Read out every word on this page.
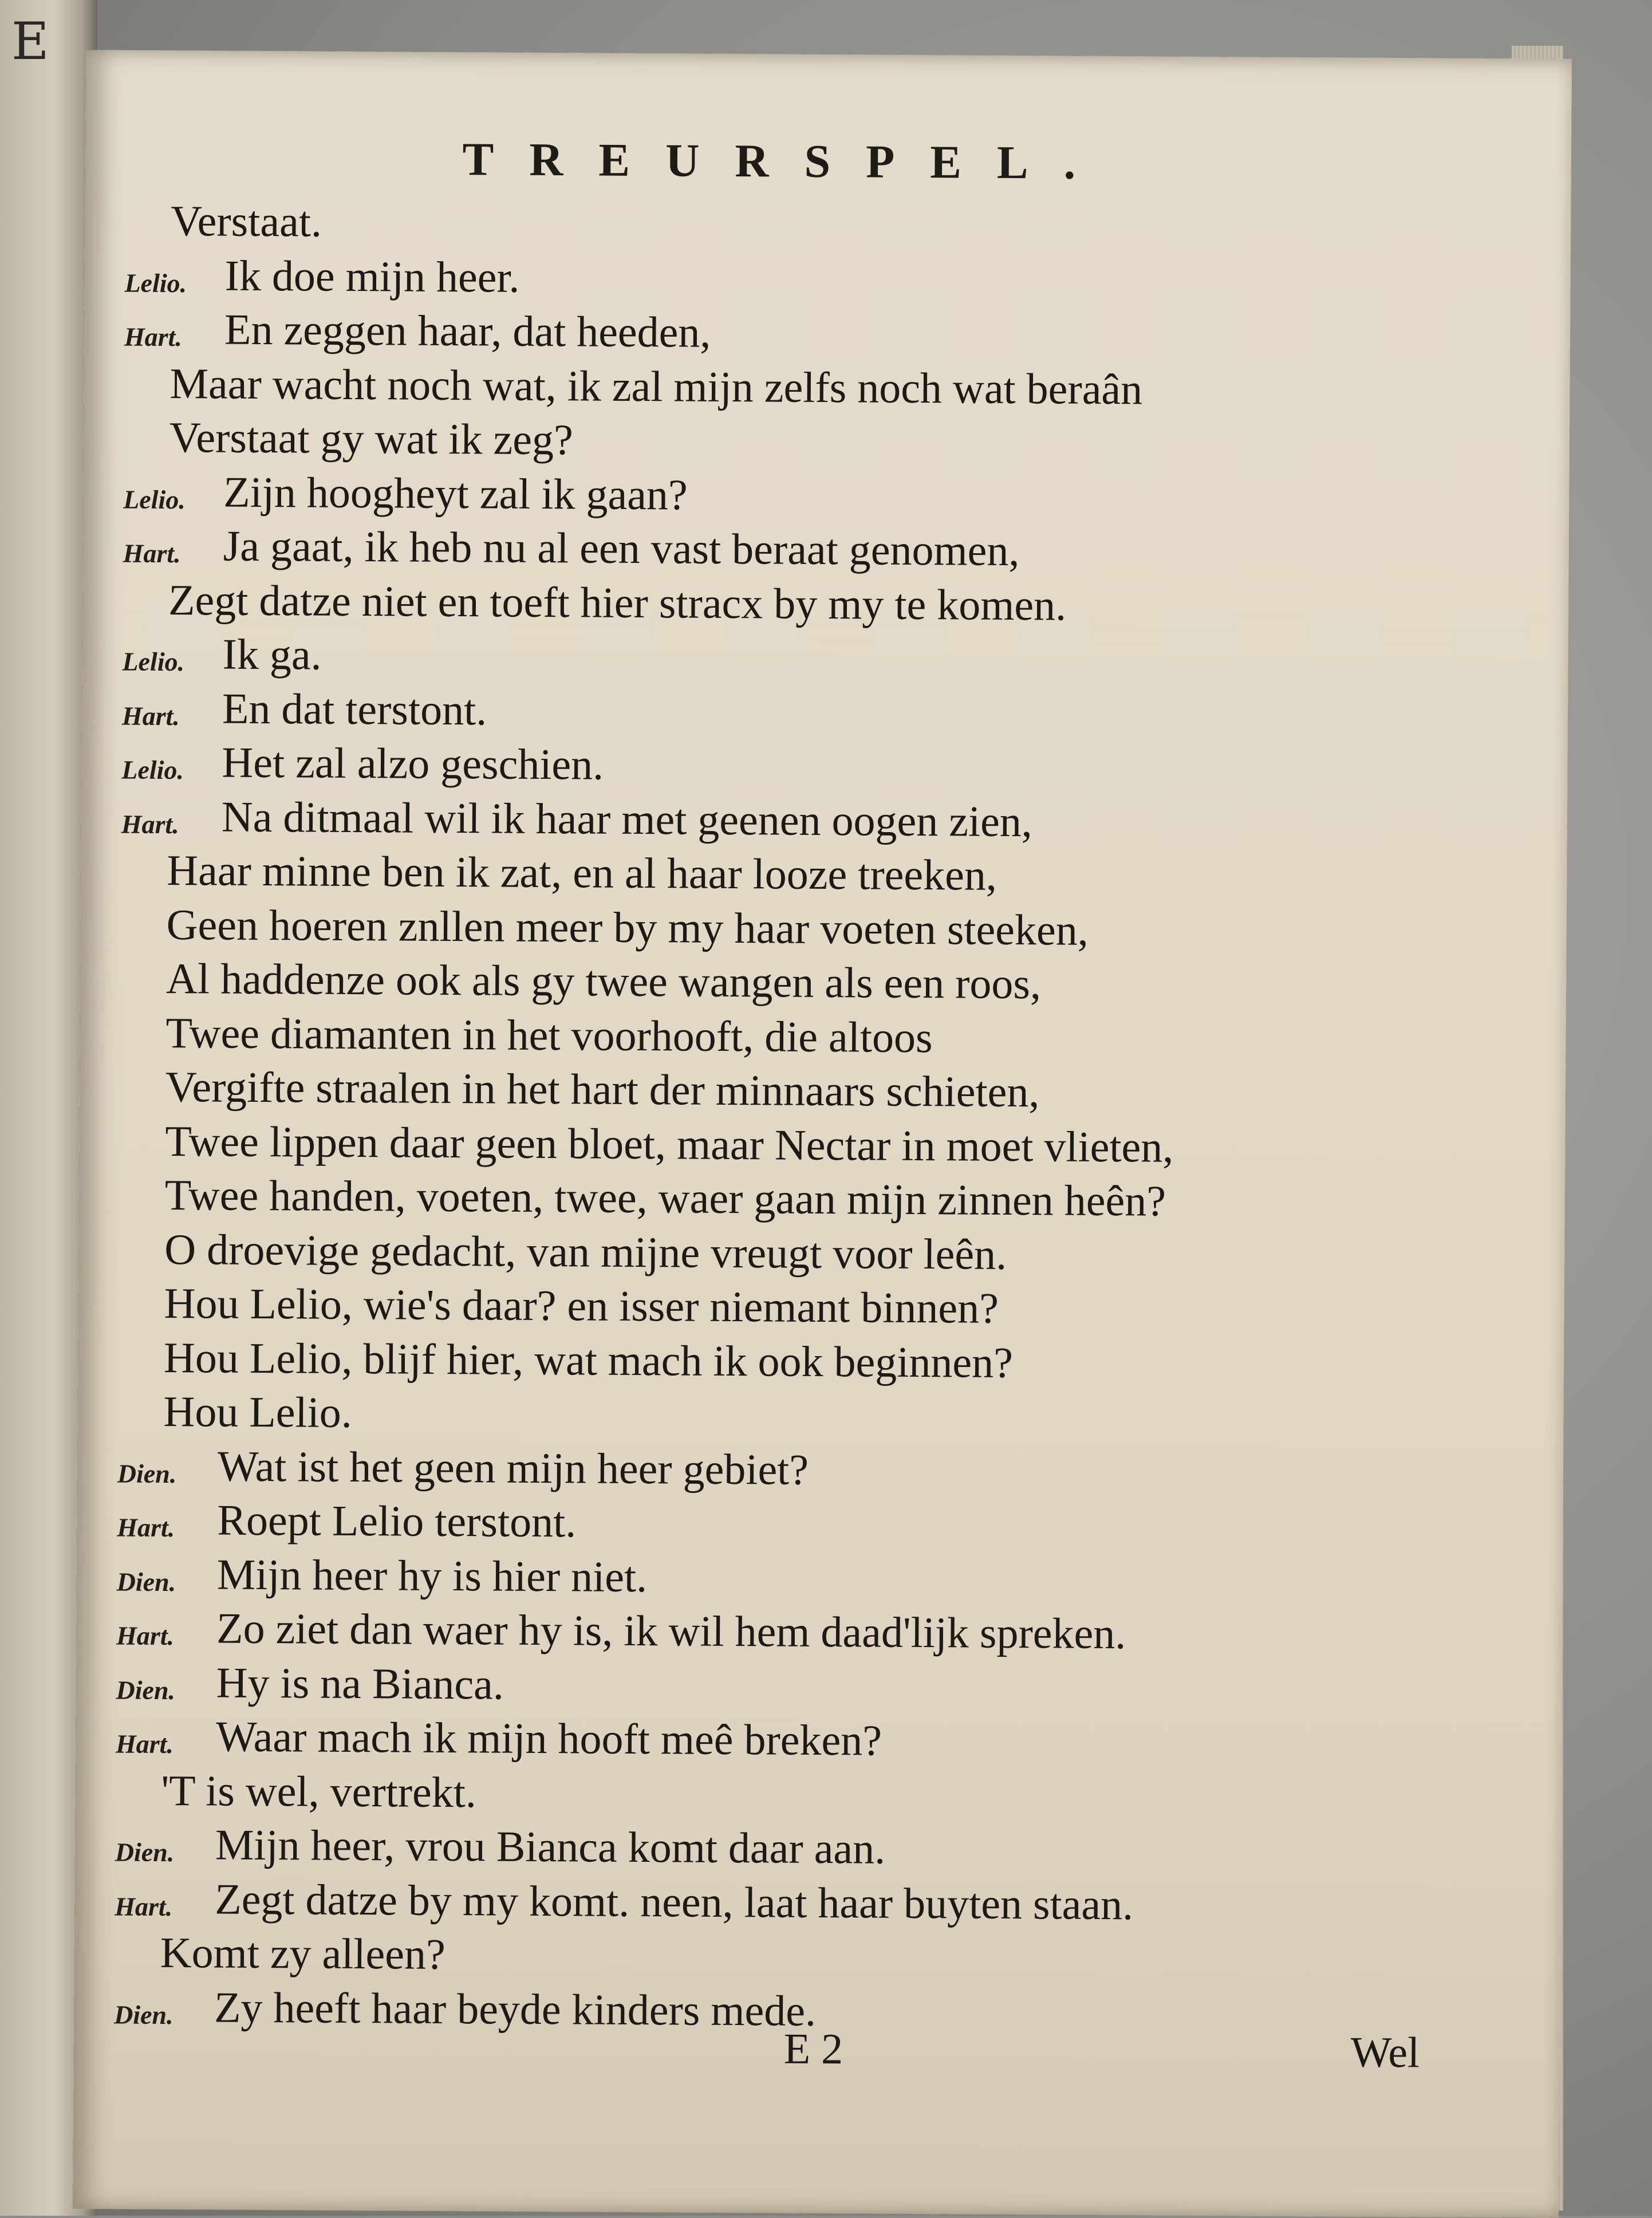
E
TREURSPEL.
Verstaat.
Lelio. Ik doe mijn heer.
Hart. En zeggen haar, dat heeden,
Maar wacht noch wat, ik zal mijn zelfs noch wat beraân
Verstaat gy wat ik zeg?
Lelio. Zijn hoogheyt zal ik gaan?
Hart. Ja gaat, ik heb nu al een vast beraat genomen,
Zegt datze niet en toeft hier stracx by my te komen.
Lelio. Ik ga.
Hart. En dat terstont.
Lelio. Het zal alzo geschien.
Hart. Na ditmaal wil ik haar met geenen oogen zien,
Haar minne ben ik zat, en al haar looze treeken,
Geen hoeren znllen meer by my haar voeten steeken,
Al haddenze ook als gy twee wangen als een roos,
Twee diamanten in het voorhooft, die altoos
Vergifte straalen in het hart der minnaars schieten,
Twee lippen daar geen bloet, maar Nectar in moet vlieten,
Twee handen, voeten, twee, waer gaan mijn zinnen heên?
O droevige gedacht, van mijne vreugt voor leên.
Hou Lelio, wie's daar? en isser niemant binnen?
Hou Lelio, blijf hier, wat mach ik ook beginnen?
Hou Lelio.
Dien. Wat ist het geen mijn heer gebiet?
Hart. Roept Lelio terstont.
Dien. Mijn heer hy is hier niet.
Hart. Zo ziet dan waer hy is, ik wil hem daad'lijk spreken.
Dien. Hy is na Bianca.
Hart. Waar mach ik mijn hooft meê breken?
'T is wel, vertrekt.
Dien. Mijn heer, vrou Bianca komt daar aan.
Hart. Zegt datze by my komt. neen, laat haar buyten staan.
Komt zy alleen?
Dien. Zy heeft haar beyde kinders mede.
E 2	Wel
